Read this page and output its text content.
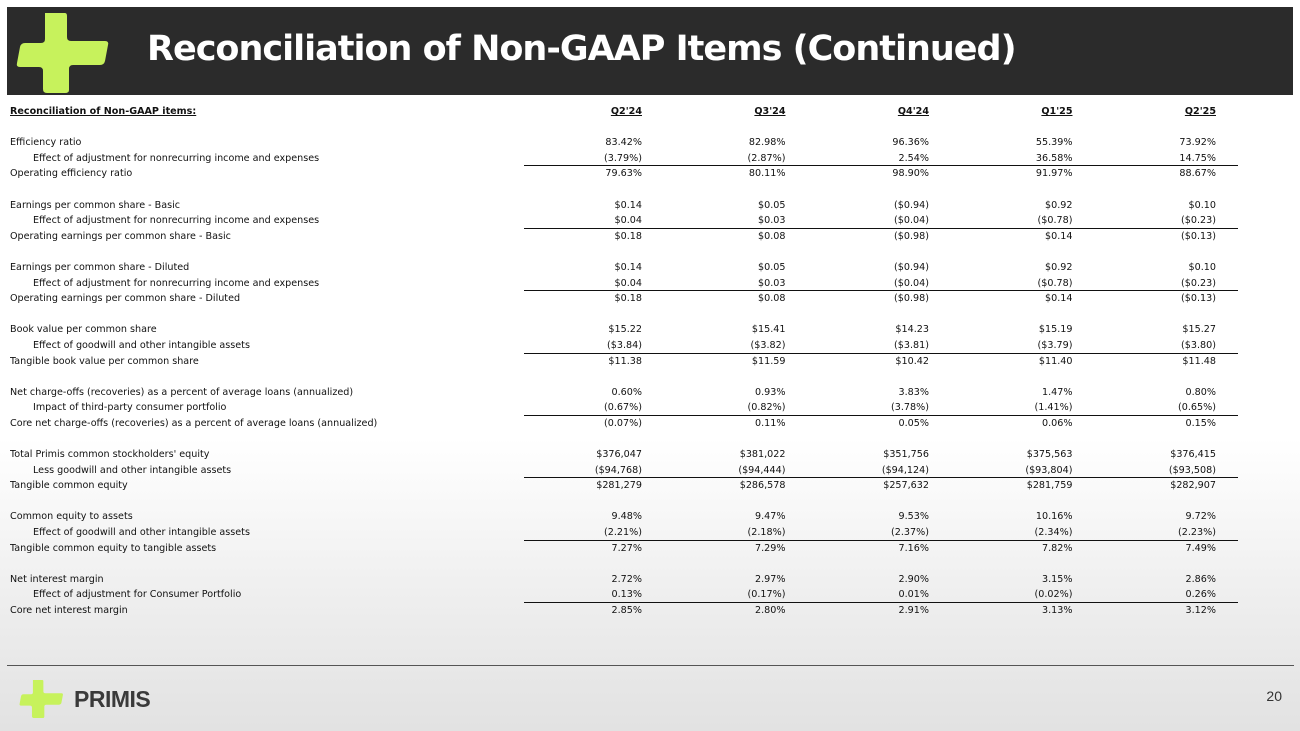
Reconciliation of Non-GAAP Items (Continued)
Reconciliation of Non-GAAP items:	Q2'24	Q3'24	Q4'24	Q1'25	Q2'25
Efficiency ratio	83.42%	82.98%	96.36%	55.39%	73.92%
Effect of adjustment for nonrecurring income and expenses	(3.79%)	(2.87%)	2.54%	36.58%	14.75%
Operating efficiency ratio	79.63%	80.11%	98.90%	91.97%	88.67%
Earnings per common share - Basic	$0.14	$0.05	($0.94)	$0.92	$0.10
Effect of adjustment for nonrecurring income and expenses	$0.04	$0.03	($0.04)	($0.78)	($0.23)
Operating earnings per common share - Basic	$0.18	$0.08	($0.98)	$0.14	($0.13)
Earnings per common share - Diluted	$0.14	$0.05	($0.94)	$0.92	$0.10
Effect of adjustment for nonrecurring income and expenses	$0.04	$0.03	($0.04)	($0.78)	($0.23)
Operating earnings per common share - Diluted	$0.18	$0.08	($0.98)	$0.14	($0.13)
Book value per common share	$15.22	$15.41	$14.23	$15.19	$15.27
Effect of goodwill and other intangible assets	($3.84)	($3.82)	($3.81)	($3.79)	($3.80)
Tangible book value per common share	$11.38	$11.59	$10.42	$11.40	$11.48
Net charge-offs (recoveries) as a percent of average loans (annualized)	0.60%	0.93%	3.83%	1.47%	0.80%
Impact of third-party consumer portfolio	(0.67%)	(0.82%)	(3.78%)	(1.41%)	(0.65%)
Core net charge-offs (recoveries) as a percent of average loans (annualized)	(0.07%)	0.11%	0.05%	0.06%	0.15%
Total Primis common stockholders' equity	$376,047	$381,022	$351,756	$375,563	$376,415
Less goodwill and other intangible assets	($94,768)	($94,444)	($94,124)	($93,804)	($93,508)
Tangible common equity	$281,279	$286,578	$257,632	$281,759	$282,907
Common equity to assets	9.48%	9.47%	9.53%	10.16%	9.72%
Effect of goodwill and other intangible assets	(2.21%)	(2.18%)	(2.37%)	(2.34%)	(2.23%)
Tangible common equity to tangible assets	7.27%	7.29%	7.16%	7.82%	7.49%
Net interest margin	2.72%	2.97%	2.90%	3.15%	2.86%
Effect of adjustment for Consumer Portfolio	0.13%	(0.17%)	0.01%	(0.02%)	0.26%
Core net interest margin	2.85%	2.80%	2.91%	3.13%	3.12%
PRIMIS	20
